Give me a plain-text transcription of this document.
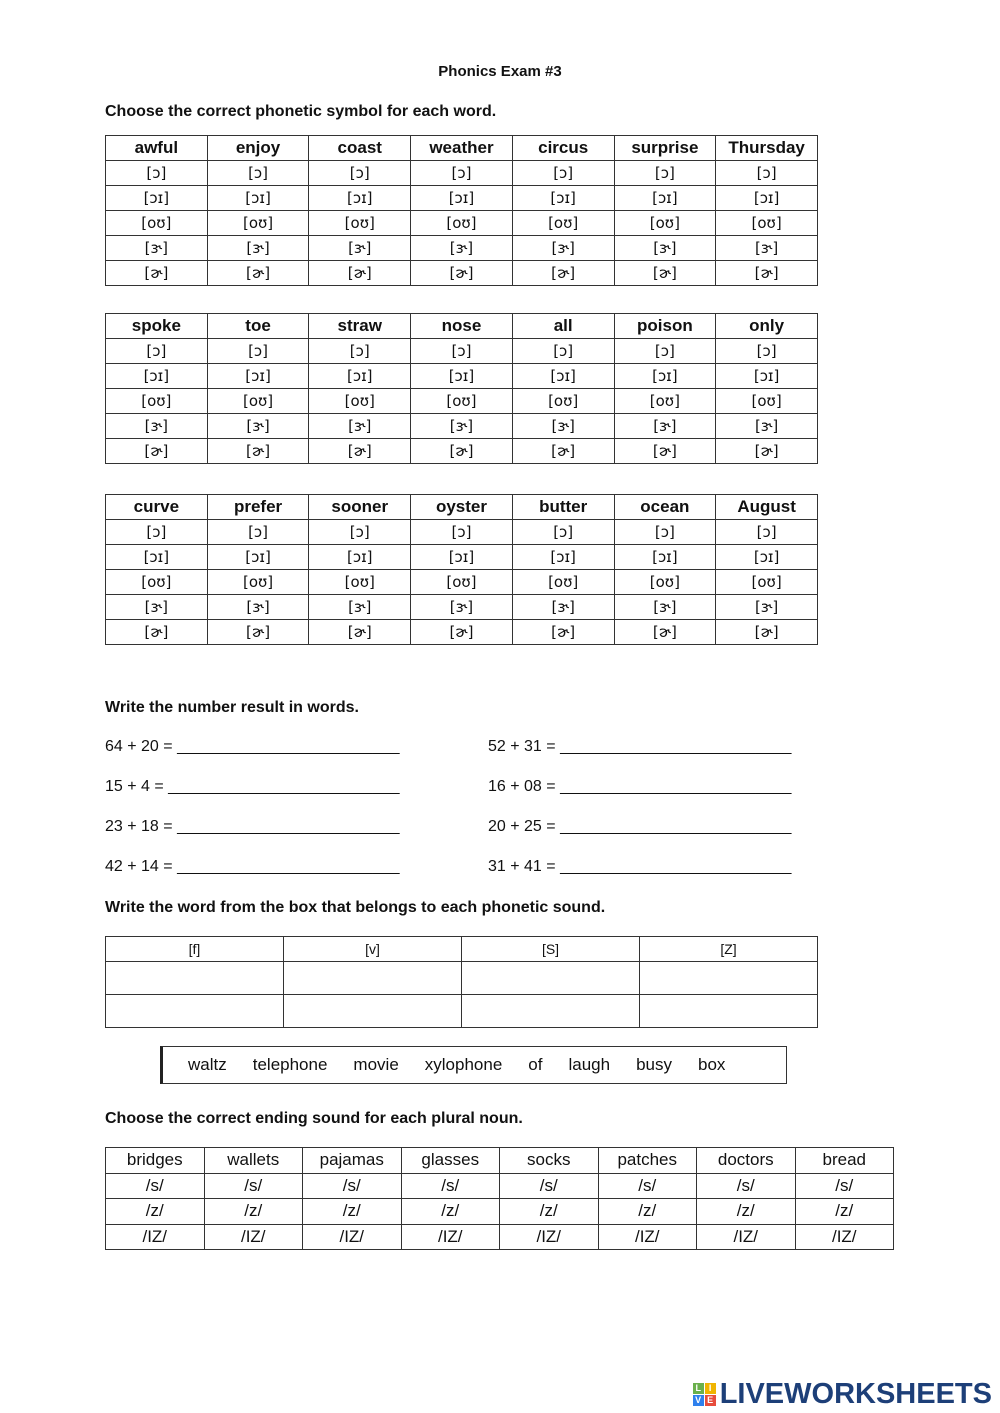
Phonics Exam #3
Choose the correct phonetic symbol for each word.
awful	enjoy	coast	weather	circus	surprise	Thursday
[ɔ]	[ɔ]	[ɔ]	[ɔ]	[ɔ]	[ɔ]	[ɔ]
[ɔɪ]	[ɔɪ]	[ɔɪ]	[ɔɪ]	[ɔɪ]	[ɔɪ]	[ɔɪ]
[oʊ]	[oʊ]	[oʊ]	[oʊ]	[oʊ]	[oʊ]	[oʊ]
[ɝ]	[ɝ]	[ɝ]	[ɝ]	[ɝ]	[ɝ]	[ɝ]
[ɚ]	[ɚ]	[ɚ]	[ɚ]	[ɚ]	[ɚ]	[ɚ]
spoke	toe	straw	nose	all	poison	only
[ɔ]	[ɔ]	[ɔ]	[ɔ]	[ɔ]	[ɔ]	[ɔ]
[ɔɪ]	[ɔɪ]	[ɔɪ]	[ɔɪ]	[ɔɪ]	[ɔɪ]	[ɔɪ]
[oʊ]	[oʊ]	[oʊ]	[oʊ]	[oʊ]	[oʊ]	[oʊ]
[ɝ]	[ɝ]	[ɝ]	[ɝ]	[ɝ]	[ɝ]	[ɝ]
[ɚ]	[ɚ]	[ɚ]	[ɚ]	[ɚ]	[ɚ]	[ɚ]
curve	prefer	sooner	oyster	butter	ocean	August
[ɔ]	[ɔ]	[ɔ]	[ɔ]	[ɔ]	[ɔ]	[ɔ]
[ɔɪ]	[ɔɪ]	[ɔɪ]	[ɔɪ]	[ɔɪ]	[ɔɪ]	[ɔɪ]
[oʊ]	[oʊ]	[oʊ]	[oʊ]	[oʊ]	[oʊ]	[oʊ]
[ɝ]	[ɝ]	[ɝ]	[ɝ]	[ɝ]	[ɝ]	[ɝ]
[ɚ]	[ɚ]	[ɚ]	[ɚ]	[ɚ]	[ɚ]	[ɚ]
Write the number result in words.
64 + 20 = _________________________	52 + 31 = __________________________
15 + 4 = __________________________	16 + 08 = __________________________
23 + 18 = _________________________	20 + 25 = __________________________
42 + 14 = _________________________	31 + 41 = __________________________
Write the word from the box that belongs to each phonetic sound.
[f]	[v]	[S]	[Z]

waltz telephone movie xylophone of laugh busy box
Choose the correct ending sound for each plural noun.
bridges	wallets	pajamas	glasses	socks	patches	doctors	bread
/s/	/s/	/s/	/s/	/s/	/s/	/s/	/s/
/z/	/z/	/z/	/z/	/z/	/z/	/z/	/z/
/IZ/	/IZ/	/IZ/	/IZ/	/IZ/	/IZ/	/IZ/	/IZ/
L I
V E LIVEWORKSHEETS
